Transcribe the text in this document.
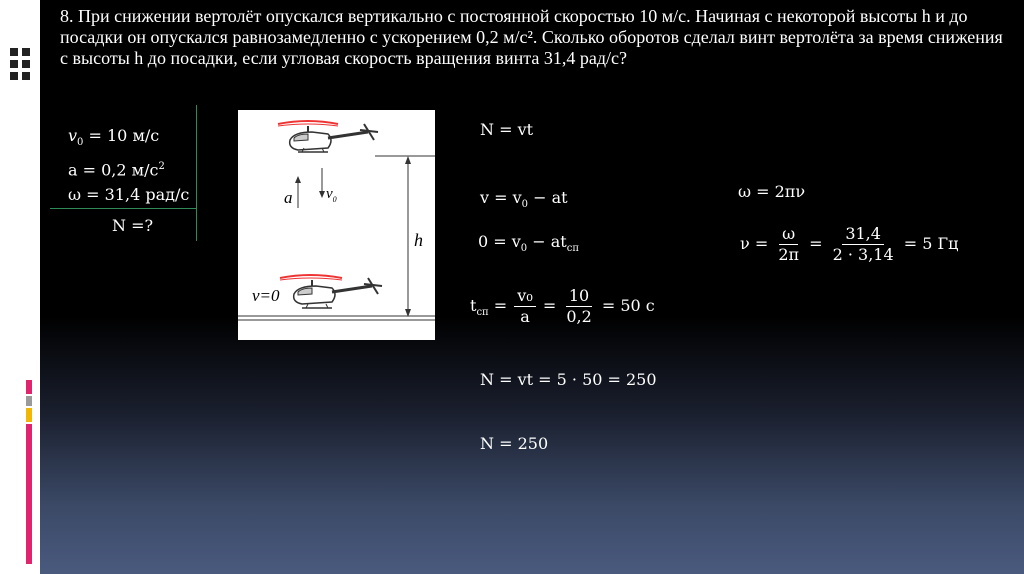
8. При снижении вертолёт опускался вертикально с постоянной скоростью 10 м/с. Начиная с некоторой высоты h и до посадки он опускался равнозамедленно с ускорением 0,2 м/с². Сколько оборотов сделал винт вертолёта за время снижения с высоты h до посадки, если угловая скорость вращения винта 31,4 рад/с?
$v_0 = 10$ м/с
a = 0,2 $м/с^2$
ω = 31,4 рад/с
N =?
a $v_0$
h
v=0
N = vt
$v = v_0$ − at
$0 = v_0 - at_{сп}$
$t_{сп} = \frac{\text{v₀}}{a} = \frac{10}{0,2} = 50$ с
N = vt = 5 · 50 = 250
N = 250
ω = 2πν
$\nu = \frac{\omega}{2\pi} = \frac{31,4}{2 \cdot 3,14} = 5$ Гц
